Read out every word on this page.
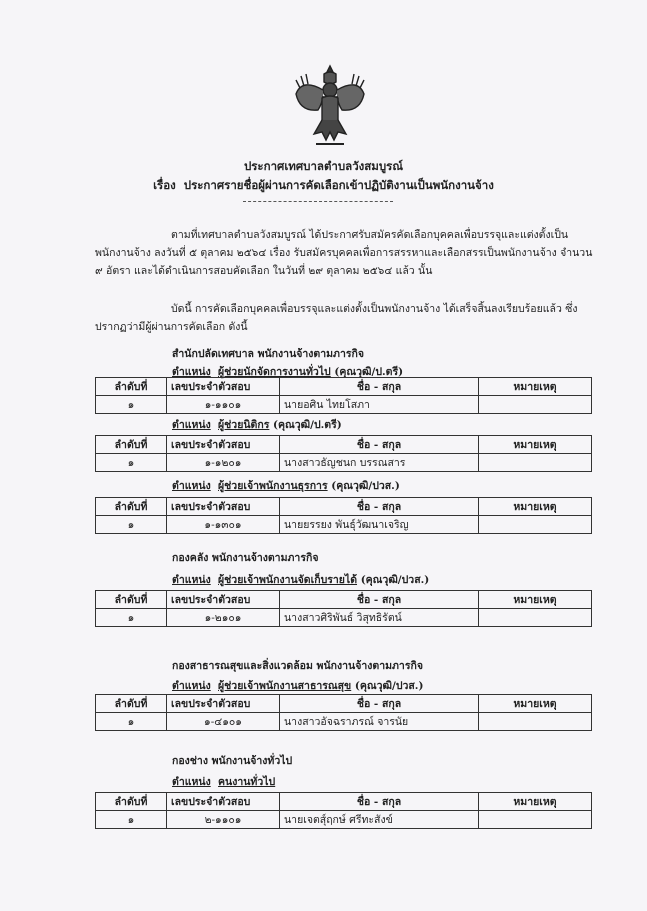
ประกาศเทศบาลตำบลวังสมบูรณ์
เรื่อง ประกาศรายชื่อผู้ผ่านการคัดเลือกเข้าปฏิบัติงานเป็นพนักงานจ้าง
ตามที่เทศบาลตำบลวังสมบูรณ์ ได้ประกาศรับสมัครคัดเลือกบุคคลเพื่อบรรจุและแต่งตั้งเป็นพนักงานจ้าง ลงวันที่ ๕ ตุลาคม ๒๕๖๔ เรื่อง รับสมัครบุคคลเพื่อการสรรหาและเลือกสรรเป็นพนักงานจ้าง จำนวน ๙ อัตรา และได้ดำเนินการสอบคัดเลือก ในวันที่ ๒๙ ตุลาคม ๒๕๖๔ แล้ว นั้น
บัดนี้ การคัดเลือกบุคคลเพื่อบรรจุและแต่งตั้งเป็นพนักงานจ้าง ได้เสร็จสิ้นลงเรียบร้อยแล้ว ซึ่งปรากฏว่ามีผู้ผ่านการคัดเลือก ดังนี้
สำนักปลัดเทศบาล พนักงานจ้างตามภารกิจ
ตำแหน่ง ผู้ช่วยนักจัดการงานทั่วไป (คุณวุฒิ/ป.ตรี)
ลำดับที่	เลขประจำตัวสอบ	ชื่อ - สกุล	หมายเหตุ
๑	๑-๑๑๐๑	นายอศิน ไทยโสภา	
ตำแหน่ง ผู้ช่วยนิติกร (คุณวุฒิ/ป.ตรี)
ลำดับที่	เลขประจำตัวสอบ	ชื่อ - สกุล	หมายเหตุ
๑	๑-๑๒๐๑	นางสาวธัญชนก บรรณสาร	
ตำแหน่ง ผู้ช่วยเจ้าพนักงานธุรการ (คุณวุฒิ/ปวส.)
ลำดับที่	เลขประจำตัวสอบ	ชื่อ - สกุล	หมายเหตุ
๑	๑-๑๓๐๑	นายยรรยง พันธุ์วัฒนาเจริญ	
กองคลัง พนักงานจ้างตามภารกิจ
ตำแหน่ง ผู้ช่วยเจ้าพนักงานจัดเก็บรายได้ (คุณวุฒิ/ปวส.)
ลำดับที่	เลขประจำตัวสอบ	ชื่อ - สกุล	หมายเหตุ
๑	๑-๒๑๐๑	นางสาวศิริพันธ์ วิสุทธิรัตน์	
กองสาธารณสุขและสิ่งแวดล้อม พนักงานจ้างตามภารกิจ
ตำแหน่ง ผู้ช่วยเจ้าพนักงานสาธารณสุข (คุณวุฒิ/ปวส.)
ลำดับที่	เลขประจำตัวสอบ	ชื่อ - สกุล	หมายเหตุ
๑	๑-๔๑๐๑	นางสาวอัจฉราภรณ์ จารนัย	
กองช่าง พนักงานจ้างทั่วไป
ตำแหน่ง คนงานทั่วไป
ลำดับที่	เลขประจำตัวสอบ	ชื่อ - สกุล	หมายเหตุ
๑	๒-๑๑๐๑	นายเจตสุ์ฤกษ์ ศรีทะสังข์	
